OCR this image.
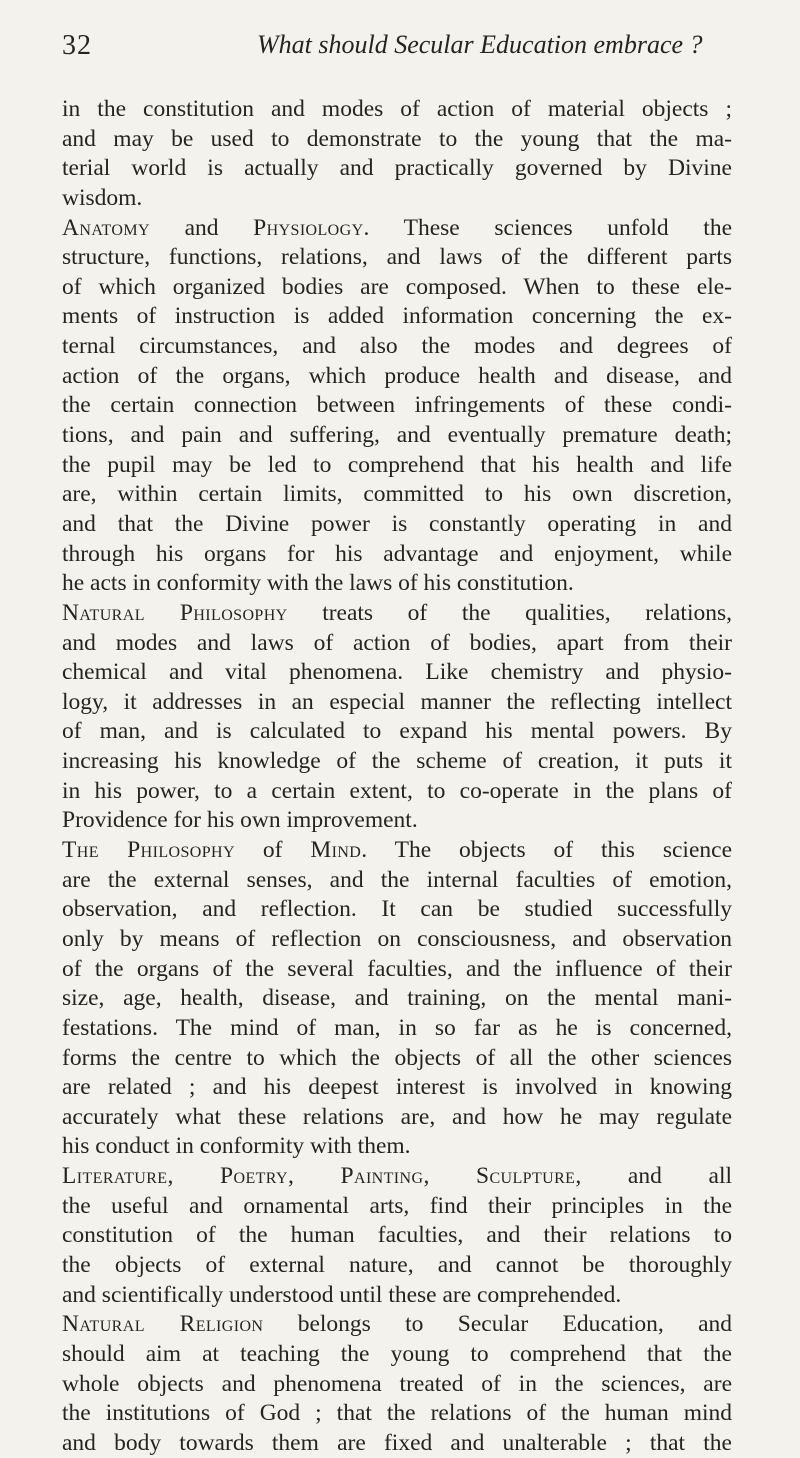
32	What should Secular Education embrace ?
in the constitution and modes of action of material objects ;
and may be used to demonstrate to the young that the ma-
terial world is actually and practically governed by Divine
wisdom.
Anatomy and Physiology. These sciences unfold the
structure, functions, relations, and laws of the different parts
of which organized bodies are composed. When to these ele-
ments of instruction is added information concerning the ex-
ternal circumstances, and also the modes and degrees of
action of the organs, which produce health and disease, and
the certain connection between infringements of these condi-
tions, and pain and suffering, and eventually premature death;
the pupil may be led to comprehend that his health and life
are, within certain limits, committed to his own discretion,
and that the Divine power is constantly operating in and
through his organs for his advantage and enjoyment, while
he acts in conformity with the laws of his constitution.
Natural Philosophy treats of the qualities, relations,
and modes and laws of action of bodies, apart from their
chemical and vital phenomena. Like chemistry and physio-
logy, it addresses in an especial manner the reflecting intellect
of man, and is calculated to expand his mental powers. By
increasing his knowledge of the scheme of creation, it puts it
in his power, to a certain extent, to co-operate in the plans of
Providence for his own improvement.
The Philosophy of Mind. The objects of this science
are the external senses, and the internal faculties of emotion,
observation, and reflection. It can be studied successfully
only by means of reflection on consciousness, and observation
of the organs of the several faculties, and the influence of their
size, age, health, disease, and training, on the mental mani-
festations. The mind of man, in so far as he is concerned,
forms the centre to which the objects of all the other sciences
are related ; and his deepest interest is involved in knowing
accurately what these relations are, and how he may regulate
his conduct in conformity with them.
Literature, Poetry, Painting, Sculpture, and all
the useful and ornamental arts, find their principles in the
constitution of the human faculties, and their relations to
the objects of external nature, and cannot be thoroughly
and scientifically understood until these are comprehended.
Natural Religion belongs to Secular Education, and
should aim at teaching the young to comprehend that the
whole objects and phenomena treated of in the sciences, are
the institutions of God ; that the relations of the human mind
and body towards them are fixed and unalterable ; that the
